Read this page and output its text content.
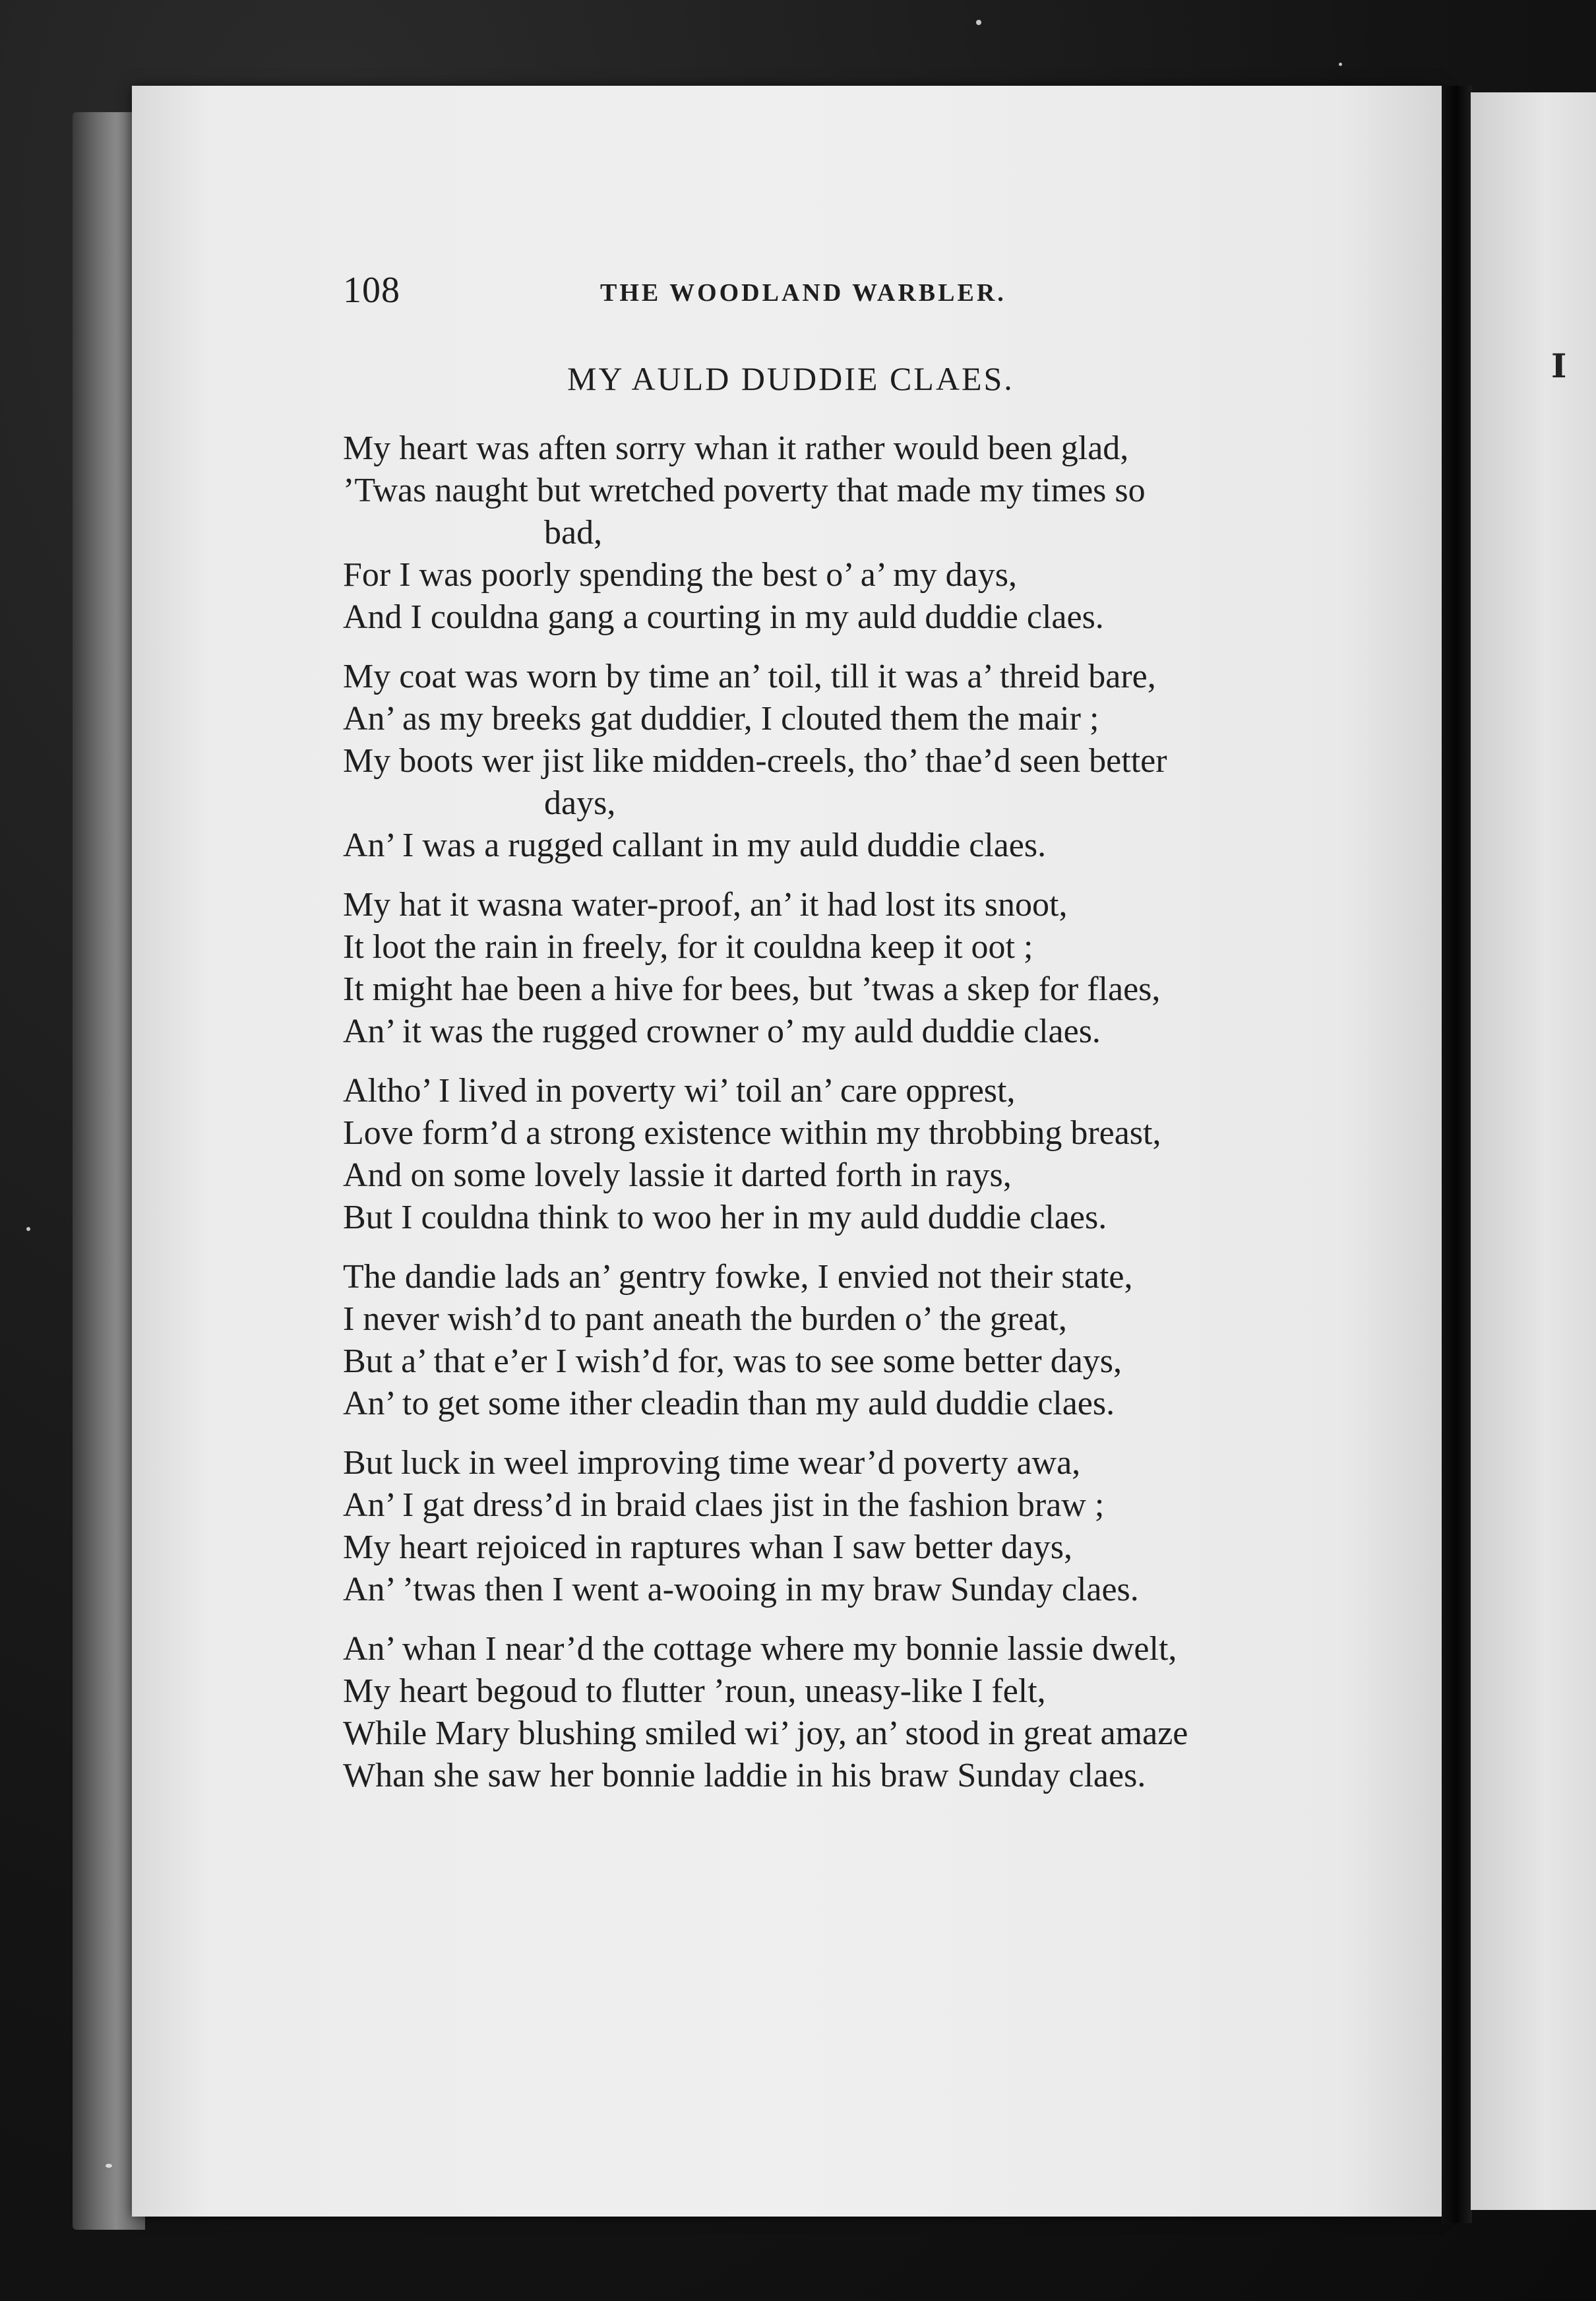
I
108	THE WOODLAND WARBLER.
MY AULD DUDDIE CLAES.
My heart was aften sorry whan it rather would been glad,
’Twas naught but wretched poverty that made my times so
bad,
For I was poorly spending the best o’ a’ my days,
And I couldna gang a courting in my auld duddie claes.
My coat was worn by time an’ toil, till it was a’ threid bare,
An’ as my breeks gat duddier, I clouted them the mair ;
My boots wer jist like midden-creels, tho’ thae’d seen better
days,
An’ I was a rugged callant in my auld duddie claes.
My hat it wasna water-proof, an’ it had lost its snoot,
It loot the rain in freely, for it couldna keep it oot ;
It might hae been a hive for bees, but ’twas a skep for flaes,
An’ it was the rugged crowner o’ my auld duddie claes.
Altho’ I lived in poverty wi’ toil an’ care opprest,
Love form’d a strong existence within my throbbing breast,
And on some lovely lassie it darted forth in rays,
But I couldna think to woo her in my auld duddie claes.
The dandie lads an’ gentry fowke, I envied not their state,
I never wish’d to pant aneath the burden o’ the great,
But a’ that e’er I wish’d for, was to see some better days,
An’ to get some ither cleadin than my auld duddie claes.
But luck in weel improving time wear’d poverty awa,
An’ I gat dress’d in braid claes jist in the fashion braw ;
My heart rejoiced in raptures whan I saw better days,
An’ ’twas then I went a-wooing in my braw Sunday claes.
An’ whan I near’d the cottage where my bonnie lassie dwelt,
My heart begoud to flutter ’roun, uneasy-like I felt,
While Mary blushing smiled wi’ joy, an’ stood in great amaze
Whan she saw her bonnie laddie in his braw Sunday claes.
